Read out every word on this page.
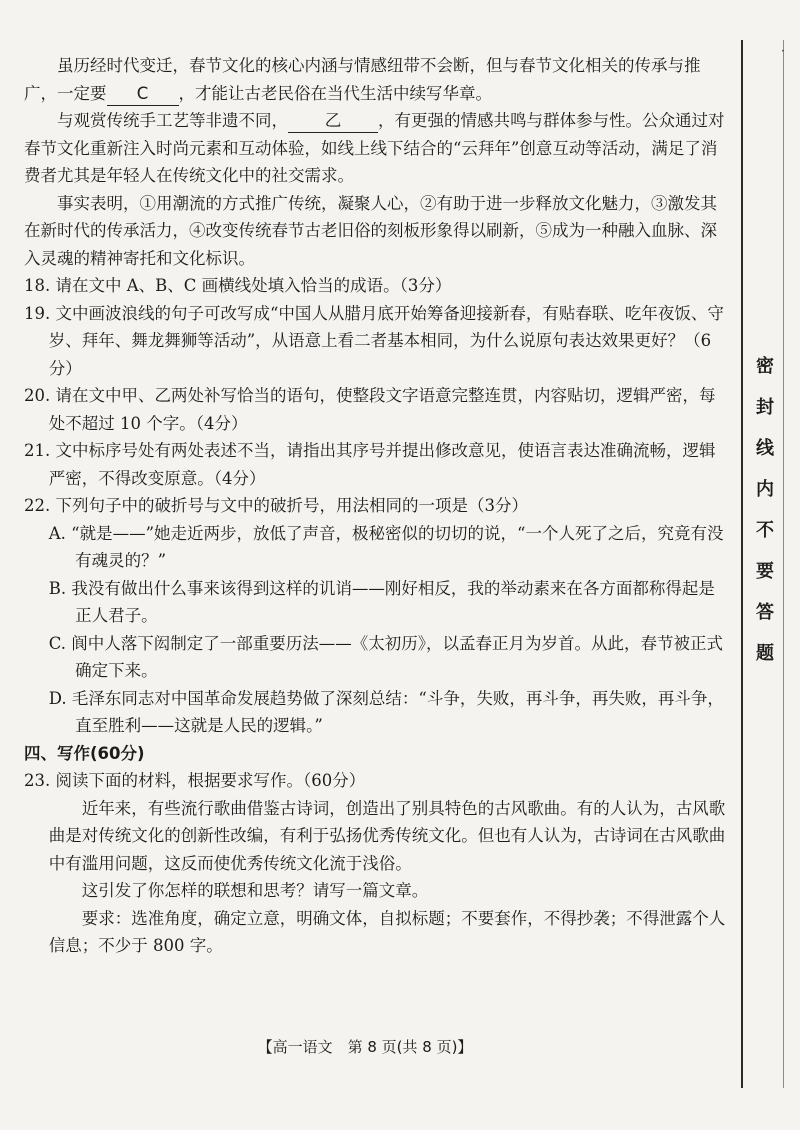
虽历经时代变迁，春节文化的核心内涵与情感纽带不会断，但与春节文化相关的传承与推广，一定要 C ，才能让古老民俗在当代生活中续写华章。

与观赏传统手工艺等非遗不同， 乙 ，有更强的情感共鸣与群体参与性。公众通过对春节文化重新注入时尚元素和互动体验，如线上线下结合的“云拜年”创意互动等活动，满足了消费者尤其是年轻人在传统文化中的社交需求。

事实表明，①用潮流的方式推广传统，凝聚人心，②有助于进一步释放文化魅力，③激发其在新时代的传承活力，④改变传统春节古老旧俗的刻板形象得以刷新，⑤成为一种融入血脉、深入灵魂的精神寄托和文化标识。

18. 请在文中 A、B、C 画横线处填入恰当的成语。（3分）

19. 文中画波浪线的句子可改写成“中国人从腊月底开始筹备迎接新春，有贴春联、吃年夜饭、守岁、拜年、舞龙舞狮等活动”，从语意上看二者基本相同，为什么说原句表达效果更好？（6分）

20. 请在文中甲、乙两处补写恰当的语句，使整段文字语意完整连贯，内容贴切，逻辑严密，每处不超过 10 个字。（4分）

21. 文中标序号处有两处表述不当，请指出其序号并提出修改意见，使语言表达准确流畅，逻辑严密，不得改变原意。（4分）

22. 下列句子中的破折号与文中的破折号，用法相同的一项是（3分）

A. “就是——”她走近两步，放低了声音，极秘密似的切切的说，“一个人死了之后，究竟有没有魂灵的？”

B. 我没有做出什么事来该得到这样的讥诮——刚好相反，我的举动素来在各方面都称得起是正人君子。

C. 阆中人落下闳制定了一部重要历法——《太初历》，以孟春正月为岁首。从此，春节被正式确定下来。

D. 毛泽东同志对中国革命发展趋势做了深刻总结：“斗争，失败，再斗争，再失败，再斗争，直至胜利——这就是人民的逻辑。”

四、写作(60分)

23. 阅读下面的材料，根据要求写作。（60分）

近年来，有些流行歌曲借鉴古诗词，创造出了别具特色的古风歌曲。有的人认为，古风歌曲是对传统文化的创新性改编，有利于弘扬优秀传统文化。但也有人认为，古诗词在古风歌曲中有滥用问题，这反而使优秀传统文化流于浅俗。

这引发了你怎样的联想和思考？请写一篇文章。

要求：选准角度，确定立意，明确文体，自拟标题；不要套作，不得抄袭；不得泄露个人信息；不少于 800 字。

·
密
封
线
内
不
要
答
题
【高一语文　第 8 页(共 8 页)】
